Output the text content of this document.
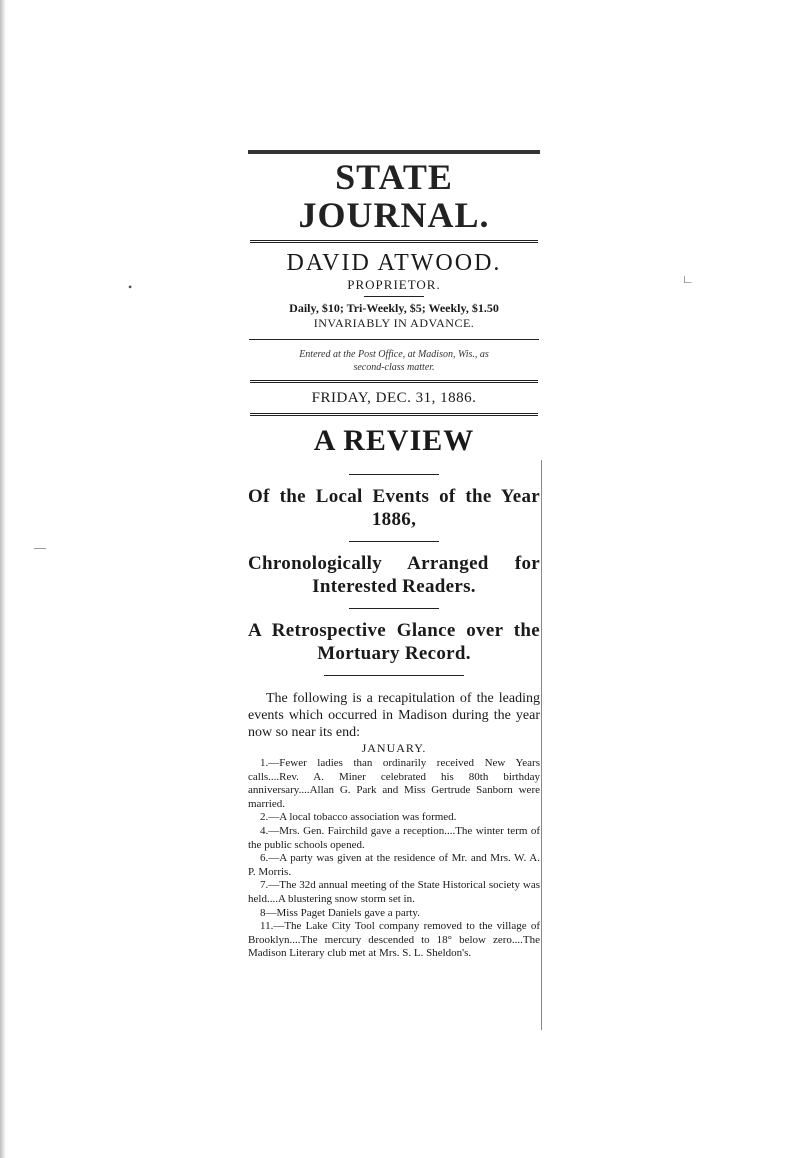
STATE JOURNAL.
DAVID ATWOOD.
PROPRIETOR.
Daily, $10; Tri-Weekly, $5; Weekly, $1.50
INVARIABLY IN ADVANCE.
Entered at the Post Office, at Madison, Wis., as
second-class matter.
FRIDAY, DEC. 31, 1886.
A REVIEW
Of the Local Events of the Year 1886,
Chronologically Arranged for Interested Readers.
A Retrospective Glance over the Mortuary Record.
The following is a recapitulation of the leading events which occurred in Madison during the year now so near its end:
JANUARY.

1.—Fewer ladies than ordinarily received New Years calls....Rev. A. Miner celebrated his 80th birthday anniversary....Allan G. Park and Miss Gertrude Sanborn were married.

2.—A local tobacco association was formed.

4.—Mrs. Gen. Fairchild gave a reception....The winter term of the public schools opened.

6.—A party was given at the residence of Mr. and Mrs. W. A. P. Morris.

7.—The 32d annual meeting of the State Historical society was held....A blustering snow storm set in.

8—Miss Paget Daniels gave a party.

11.—The Lake City Tool company removed to the village of Brooklyn....The mercury descended to 18° below zero....The Madison Literary club met at Mrs. S. L. Sheldon's.

•
—
∟
